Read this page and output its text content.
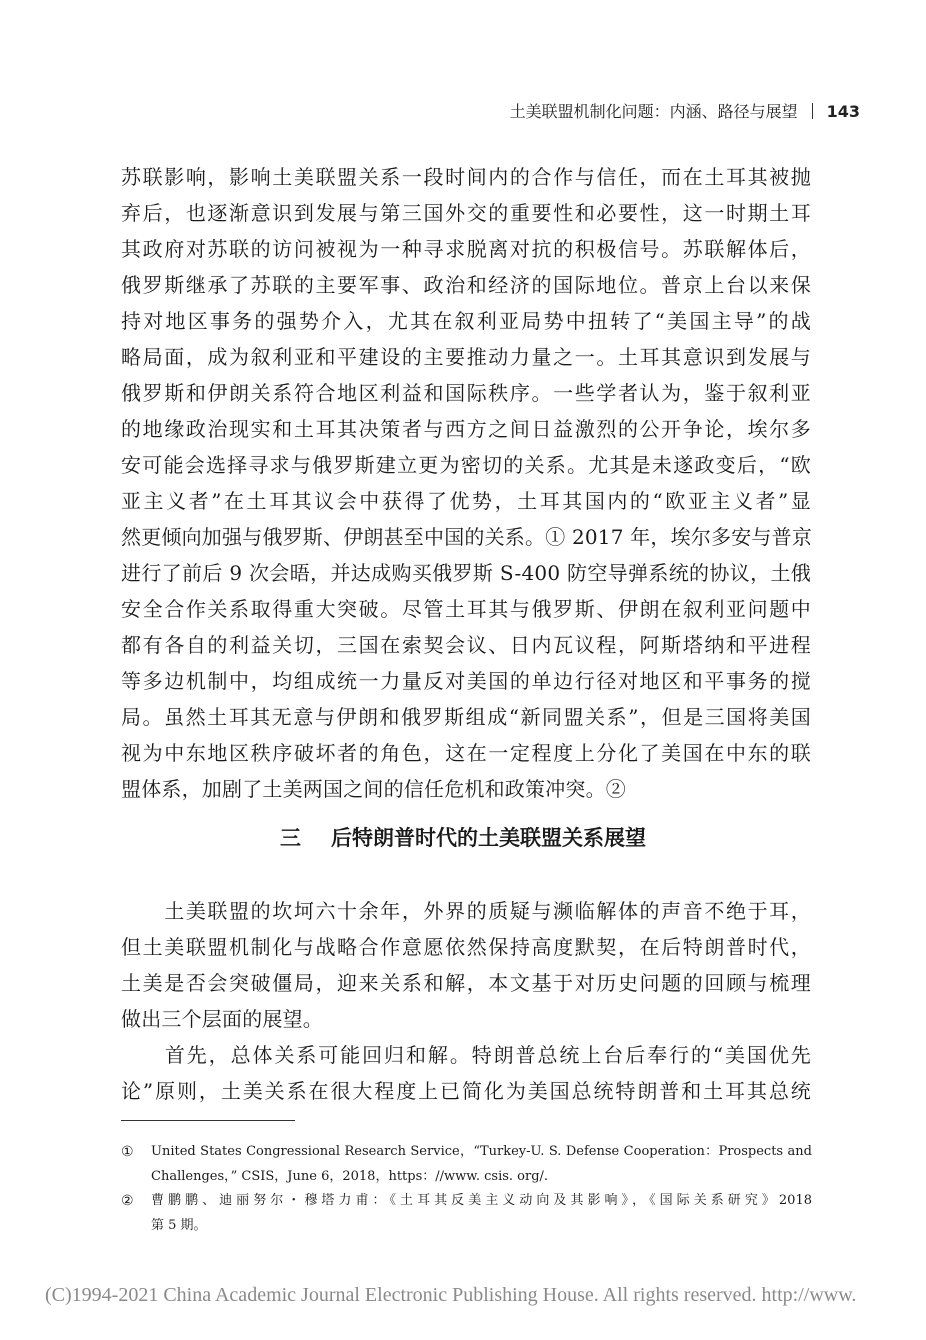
土美联盟机制化问题：内涵、路径与展望 143
苏联影响，影响土美联盟关系一段时间内的合作与信任，而在土耳其被抛
弃后，也逐渐意识到发展与第三国外交的重要性和必要性，这一时期土耳
其政府对苏联的访问被视为一种寻求脱离对抗的积极信号。苏联解体后，
俄罗斯继承了苏联的主要军事、政治和经济的国际地位。普京上台以来保
持对地区事务的强势介入，尤其在叙利亚局势中扭转了“美国主导”的战
略局面，成为叙利亚和平建设的主要推动力量之一。土耳其意识到发展与
俄罗斯和伊朗关系符合地区利益和国际秩序。一些学者认为，鉴于叙利亚
的地缘政治现实和土耳其决策者与西方之间日益激烈的公开争论，埃尔多
安可能会选择寻求与俄罗斯建立更为密切的关系。尤其是未遂政变后，“欧
亚主义者”在土耳其议会中获得了优势，土耳其国内的“欧亚主义者”显
然更倾向加强与俄罗斯、伊朗甚至中国的关系。① 2017 年，埃尔多安与普京
进行了前后 9 次会晤，并达成购买俄罗斯 S-400 防空导弹系统的协议，土俄
安全合作关系取得重大突破。尽管土耳其与俄罗斯、伊朗在叙利亚问题中
都有各自的利益关切，三国在索契会议、日内瓦议程，阿斯塔纳和平进程
等多边机制中，均组成统一力量反对美国的单边行径对地区和平事务的搅
局。虽然土耳其无意与伊朗和俄罗斯组成“新同盟关系”，但是三国将美国
视为中东地区秩序破坏者的角色，这在一定程度上分化了美国在中东的联
盟体系，加剧了土美两国之间的信任危机和政策冲突。②
三 后特朗普时代的土美联盟关系展望
　　土美联盟的坎坷六十余年，外界的质疑与濒临解体的声音不绝于耳，
但土美联盟机制化与战略合作意愿依然保持高度默契，在后特朗普时代，
土美是否会突破僵局，迎来关系和解，本文基于对历史问题的回顾与梳理
做出三个层面的展望。
　　首先，总体关系可能回归和解。特朗普总统上台后奉行的“美国优先
论”原则，土美关系在很大程度上已简化为美国总统特朗普和土耳其总统
① United States Congressional Research Service，“Turkey-U. S. Defense Cooperation：Prospects and
Challenges，” CSIS，June 6，2018，https：//www. csis. org/.
② 曹鹏鹏、迪丽努尔・穆塔力甫：《土耳其反美主义动向及其影响》，《国际关系研究》2018
第 5 期。
(C)1994-2021 China Academic Journal Electronic Publishing House. All rights reserved. http://www.
